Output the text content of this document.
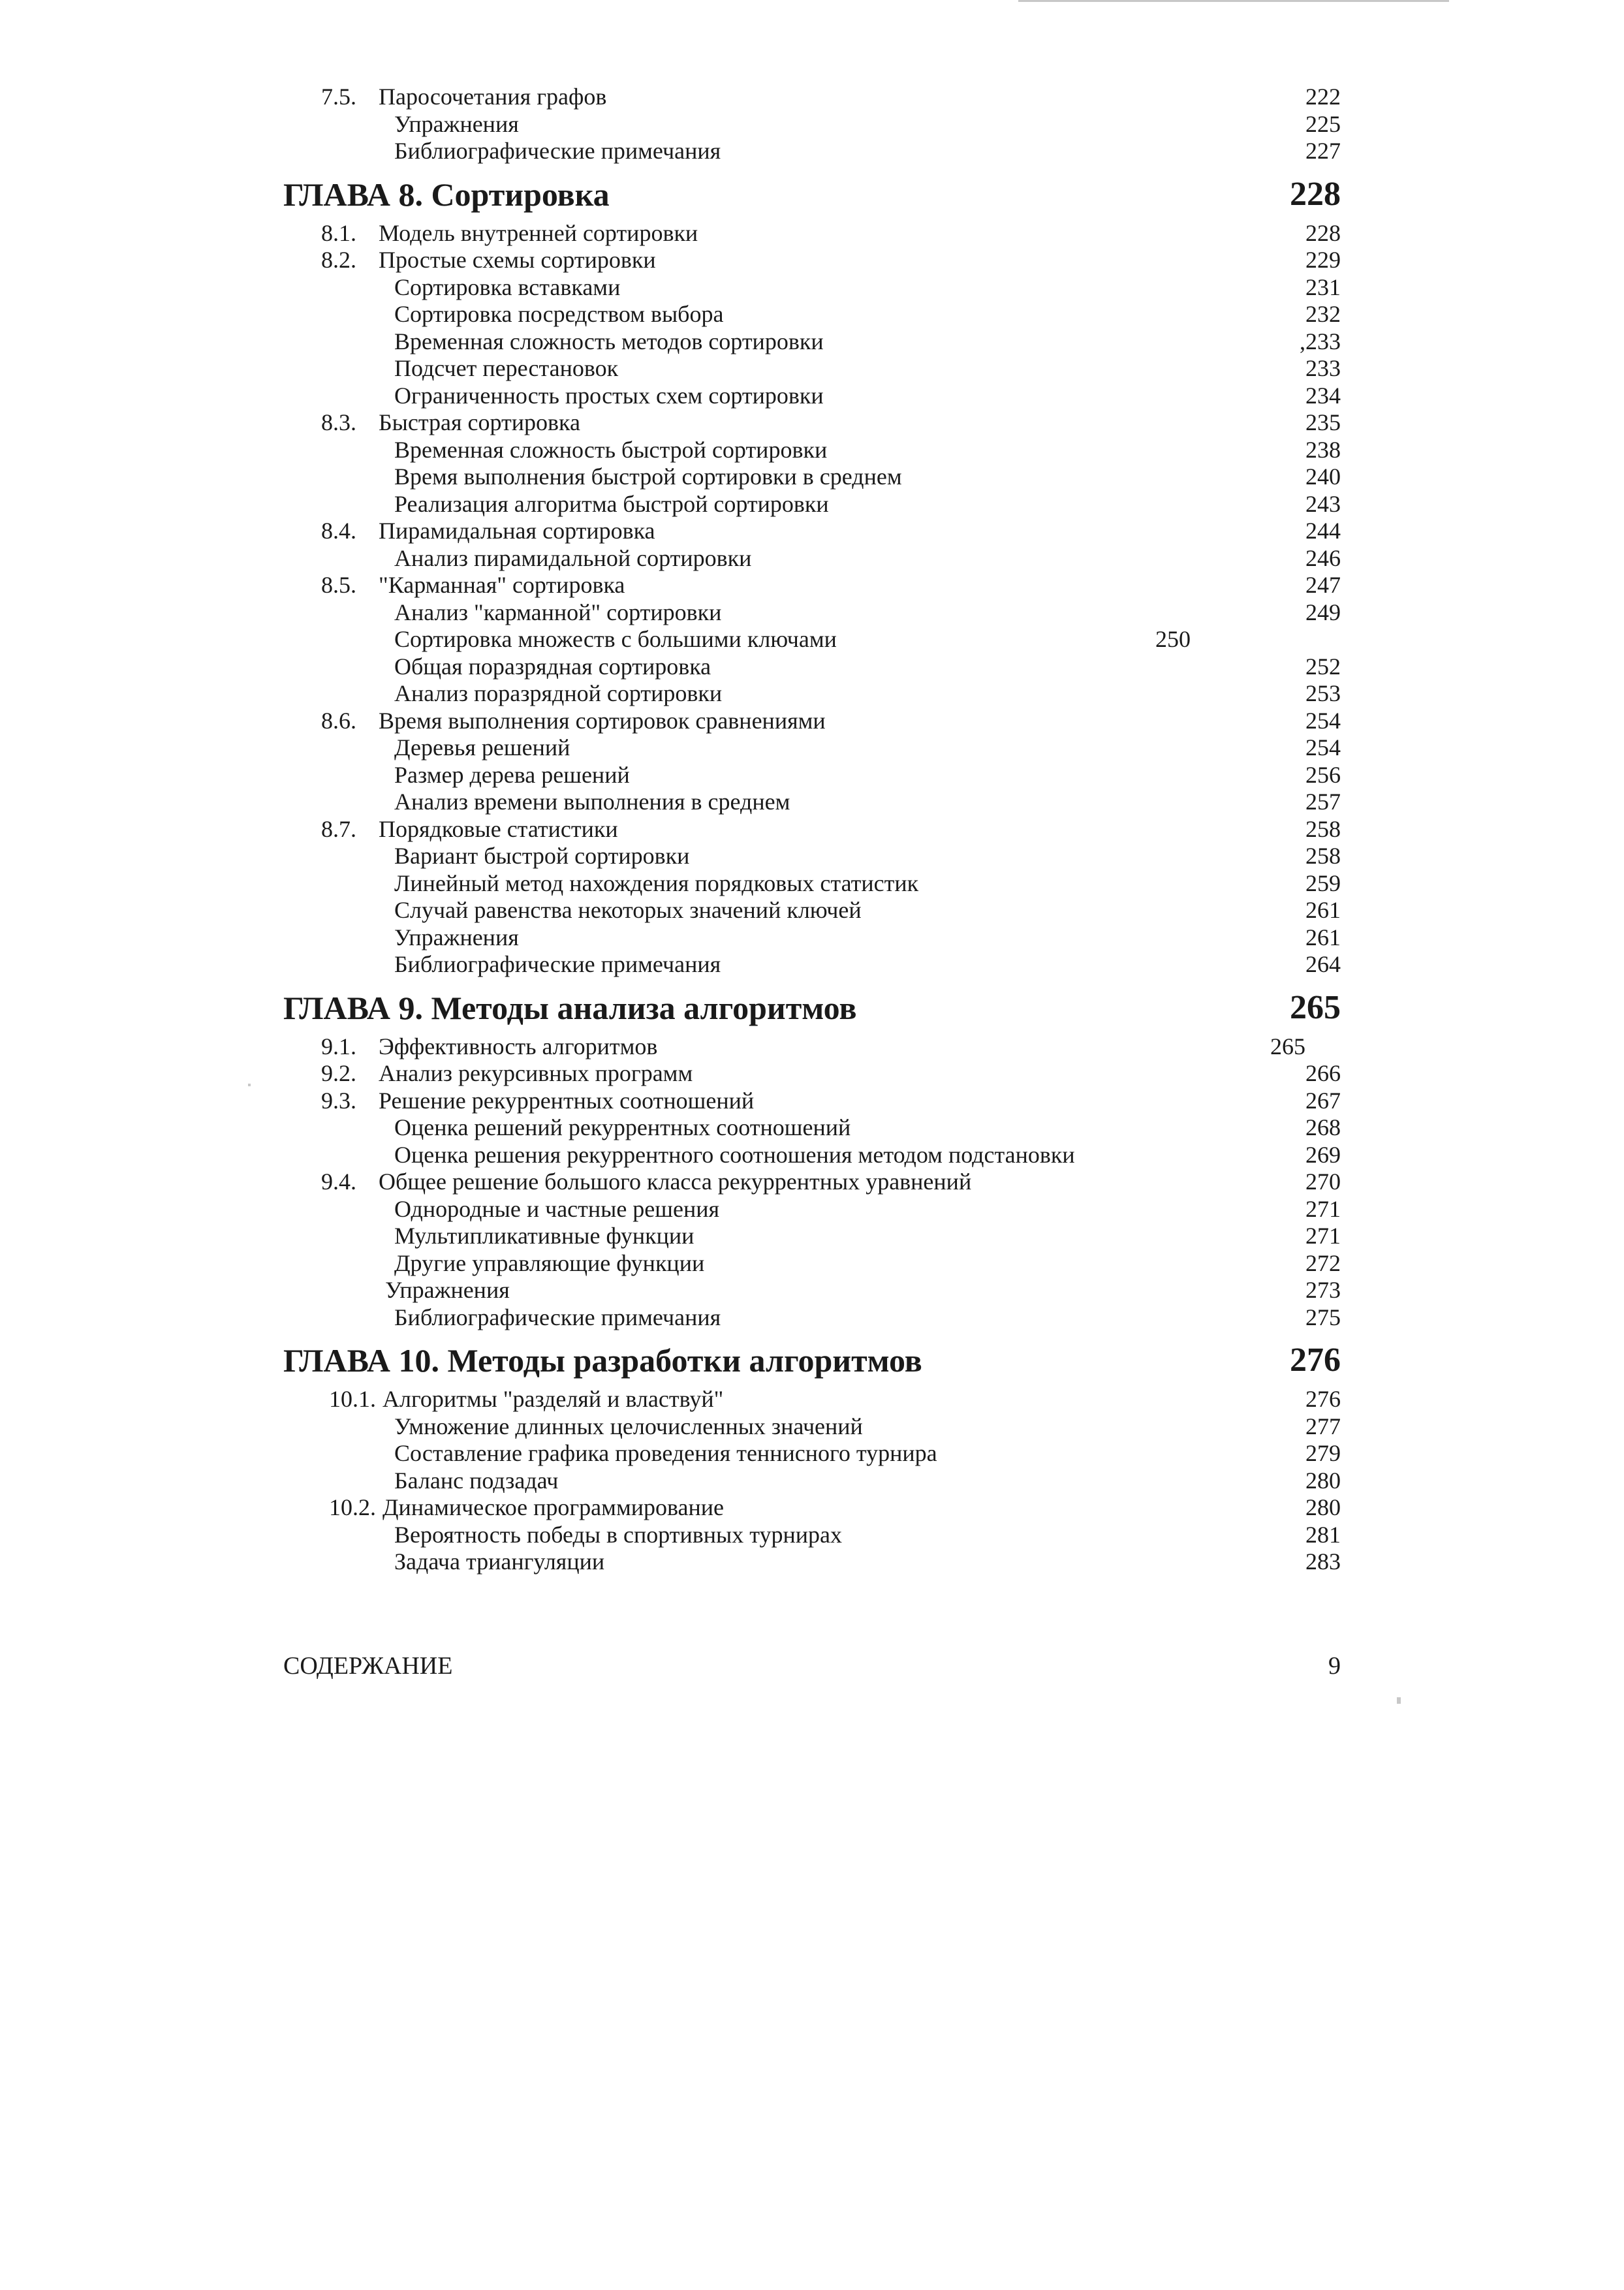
7.5. Паросочетания графов	222
Упражнения	225
Библиографические примечания	227
ГЛАВА 8. Сортировка	228
8.1. Модель внутренней сортировки	228
8.2. Простые схемы сортировки	229
Сортировка вставками	231
Сортировка посредством выбора	232
Временная сложность методов сортировки	,233
Подсчет перестановок	233
Ограниченность простых схем сортировки	234
8.3. Быстрая сортировка	235
Временная сложность быстрой сортировки	238
Время выполнения быстрой сортировки в среднем	240
Реализация алгоритма быстрой сортировки	243
8.4. Пирамидальная сортировка	244
Анализ пирамидальной сортировки	246
8.5. "Карманная" сортировка	247
Анализ "карманной" сортировки	249
Сортировка множеств с большими ключами	250
Общая поразрядная сортировка	252
Анализ поразрядной сортировки	253
8.6. Время выполнения сортировок сравнениями	254
Деревья решений	254
Размер дерева решений	256
Анализ времени выполнения в среднем	257
8.7. Порядковые статистики	258
Вариант быстрой сортировки	258
Линейный метод нахождения порядковых статистик	259
Случай равенства некоторых значений ключей	261
Упражнения	261
Библиографические примечания	264
ГЛАВА 9. Методы анализа алгоритмов	265
9.1. Эффективность алгоритмов	265
9.2. Анализ рекурсивных программ	266
9.3. Решение рекуррентных соотношений	267
Оценка решений рекуррентных соотношений	268
Оценка решения рекуррентного соотношения методом подстановки	269
9.4. Общее решение большого класса рекуррентных уравнений	270
Однородные и частные решения	271
Мультипликативные функции	271
Другие управляющие функции	272
Упражнения	273
Библиографические примечания	275
ГЛАВА 10. Методы разработки алгоритмов	276
10.1. Алгоритмы "разделяй и властвуй"	276
Умножение длинных целочисленных значений	277
Составление графика проведения теннисного турнира	279
Баланс подзадач	280
10.2. Динамическое программирование	280
Вероятность победы в спортивных турнирах	281
Задача триангуляции	283
СОДЕРЖАНИЕ	9
